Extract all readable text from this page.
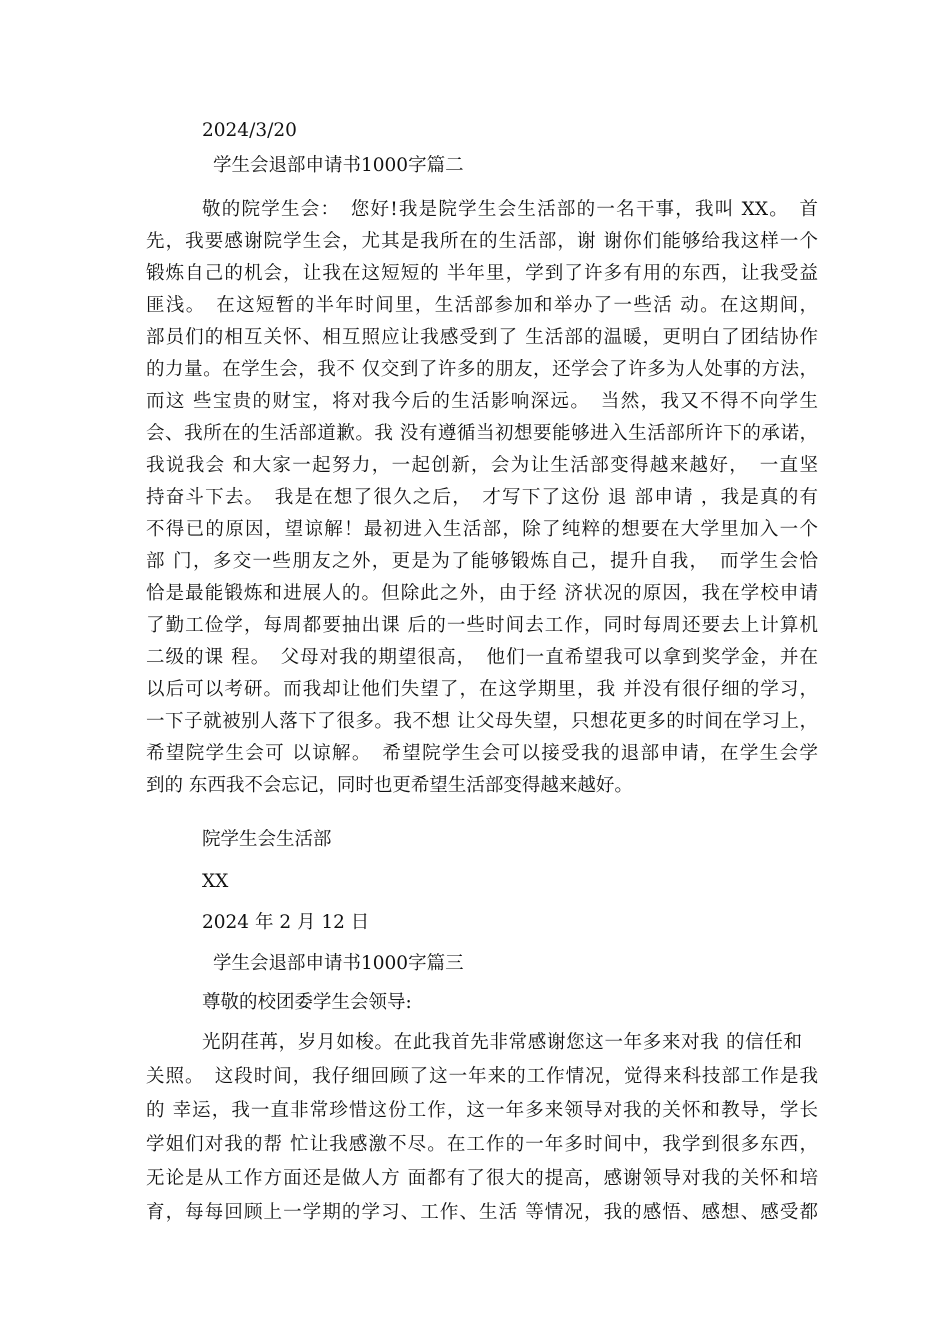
2024/3/20
学生会退部申请书1000字篇二
敬的院学生会：　您好!我是院学生会生活部的一名干事，我叫 XX。　首
先，我要感谢院学生会，尤其是我所在的生活部，谢 谢你们能够给我这样一个
锻炼自己的机会，让我在这短短的 半年里，学到了许多有用的东西，让我受益
匪浅。　在这短暂的半年时间里，生活部参加和举办了一些活 动。在这期间，
部员们的相互关怀、相互照应让我感受到了 生活部的温暖，更明白了团结协作
的力量。在学生会，我不 仅交到了许多的朋友，还学会了许多为人处事的方法，
而这 些宝贵的财宝，将对我今后的生活影响深远。　当然，我又不得不向学生
会、我所在的生活部道歉。我 没有遵循当初想要能够进入生活部所许下的承诺，
我说我会 和大家一起努力，一起创新，会为让生活部变得越来越好，　一直坚
持奋斗下去。　我是在想了很久之后，　才写下了这份 退 部申请 ，我是真的有
不得已的原因，望谅解！最初进入生活部，除了纯粹的想要在大学里加入一个
部 门，多交一些朋友之外，更是为了能够锻炼自己，提升自我，　而学生会恰
恰是最能锻炼和进展人的。但除此之外，由于经 济状况的原因，我在学校申请
了勤工俭学，每周都要抽出课 后的一些时间去工作，同时每周还要去上计算机
二级的课 程。　父母对我的期望很高，　他们一直希望我可以拿到奖学金，并在
以后可以考研。而我却让他们失望了，在这学期里，我 并没有很仔细的学习，
一下子就被别人落下了很多。我不想 让父母失望，只想花更多的时间在学习上，
希望院学生会可 以谅解。　希望院学生会可以接受我的退部申请，在学生会学
到的 东西我不会忘记，同时也更希望生活部变得越来越好。
院学生会生活部
XX
2024 年 2 月 12 日
学生会退部申请书1000字篇三
尊敬的校团委学生会领导:
光阴荏苒，岁月如梭。在此我首先非常感谢您这一年多来对我 的信任和
关照。　这段时间，我仔细回顾了这一年来的工作情况，觉得来科技部工作是我
的 幸运，我一直非常珍惜这份工作，这一年多来领导对我的关怀和教导，学长
学姐们对我的帮 忙让我感激不尽。在工作的一年多时间中，我学到很多东西，
无论是从工作方面还是做人方 面都有了很大的提高，感谢领导对我的关怀和培
育，每每回顾上一学期的学习、工作、生活 等情况，我的感悟、感想、感受都
